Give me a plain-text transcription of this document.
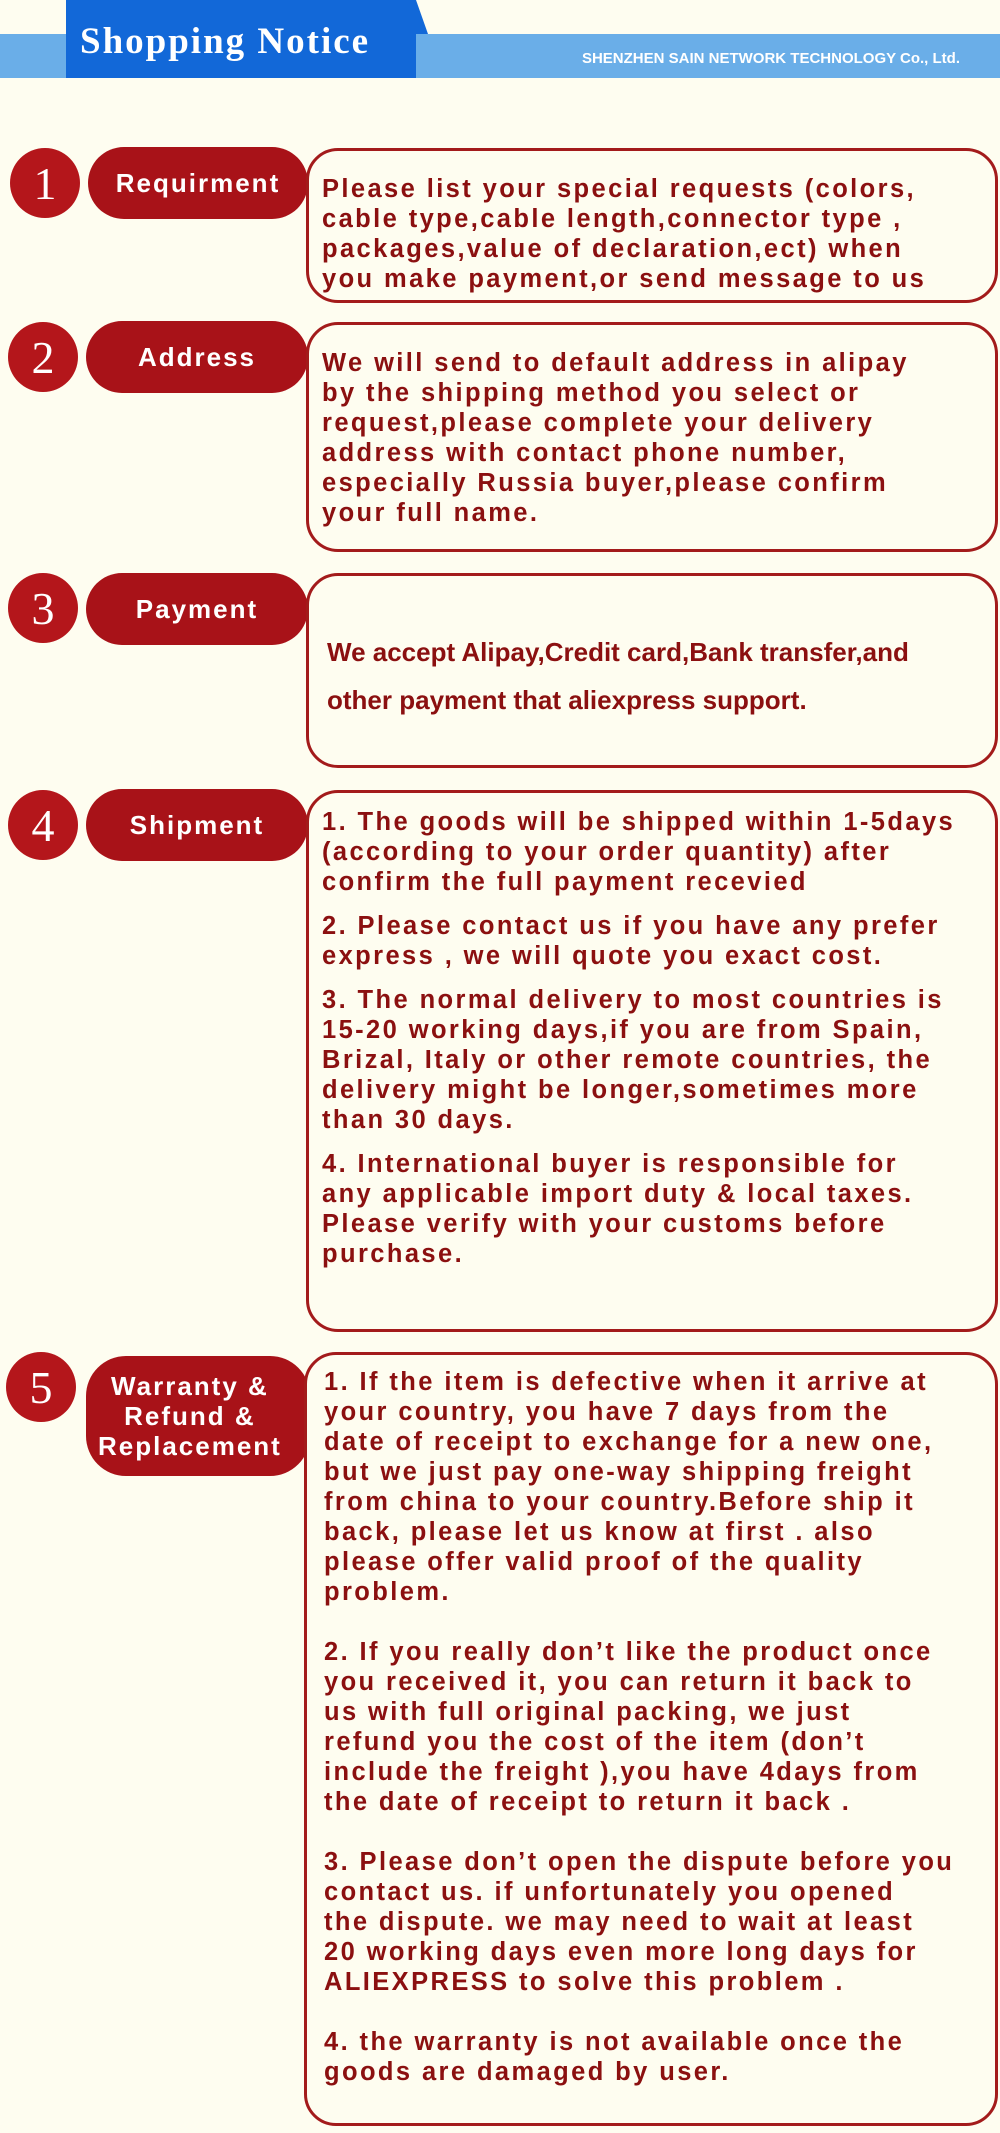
Shopping Notice	SHENZHEN SAIN NETWORK TECHNOLOGY Co., Ltd.
1	Requirment	Please list your special requests (colors,
cable type,cable length,connector type ,
packages,value of declaration,ect) when
you make payment,or send message to us

2	Address	We will send to default address in alipay
by the shipping method you select or
request,please complete your delivery
address with contact phone number,
especially Russia buyer,please confirm
your full name.

3	Payment

We accept Alipay,Credit card,Bank transfer,and
other payment that aliexpress support.

4	Shipment	1. The goods will be shipped within 1-5days
(according to your order quantity) after
confirm the full payment recevied

2. Please contact us if you have any prefer
express , we will quote you exact cost.

3. The normal delivery to most countries is
15-20 working days,if you are from Spain,
Brizal, Italy or other remote countries, the
delivery might be longer,sometimes more
than 30 days.

4. International buyer is responsible for
any applicable import duty & local taxes.
Please verify with your customs before
purchase.

5	Warranty &
Refund &
Replacement

1. If the item is defective when it arrive at
your country, you have 7 days from the
date of receipt to exchange for a new one,
but we just pay one-way shipping freight
from china to your country.Before ship it
back, please let us know at first . also
please offer valid proof of the quality
problem.

2. If you really don’t like the product once
you received it, you can return it back to
us with full original packing, we just
refund you the cost of the item (don’t
include the freight ),you have 4days from
the date of receipt to return it back .

3. Please don’t open the dispute before you
contact us. if unfortunately you opened
the dispute. we may need to wait at least
20 working days even more long days for
ALIEXPRESS to solve this problem .

4. the warranty is not available once the
goods are damaged by user.
